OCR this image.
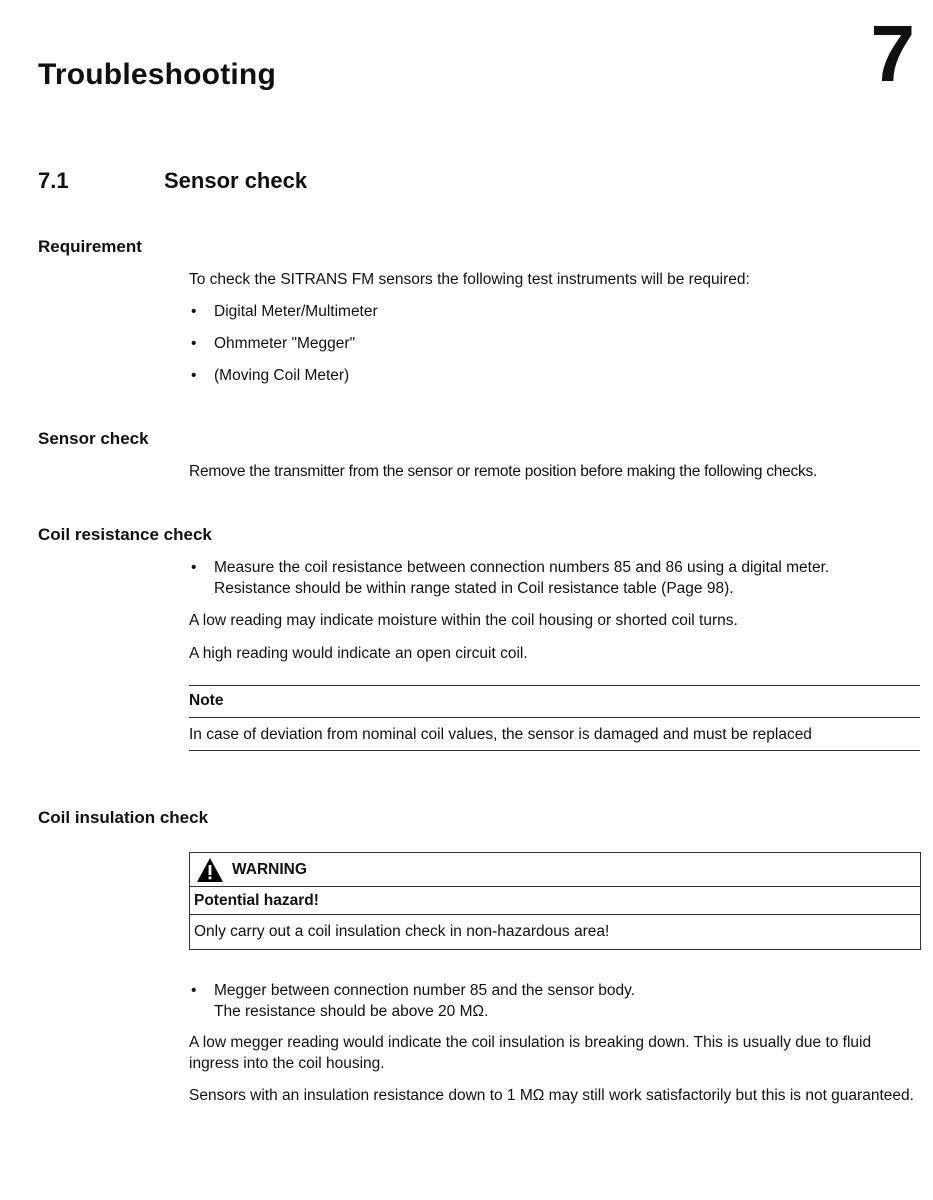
Troubleshooting	7
7.1	Sensor check
Requirement
To check the SITRANS FM sensors the following test instruments will be required:
• Digital Meter/Multimeter
• Ohmmeter "Megger"
• (Moving Coil Meter)
Sensor check
Remove the transmitter from the sensor or remote position before making the following checks.
Coil resistance check
• Measure the coil resistance between connection numbers 85 and 86 using a digital meter.
Resistance should be within range stated in Coil resistance table (Page 98).
A low reading may indicate moisture within the coil housing or shorted coil turns.
A high reading would indicate an open circuit coil.
Note
In case of deviation from nominal coil values, the sensor is damaged and must be replaced
Coil insulation check
WARNING
Potential hazard!
Only carry out a coil insulation check in non-hazardous area!
• Megger between connection number 85 and the sensor body.
The resistance should be above 20 MΩ.
A low megger reading would indicate the coil insulation is breaking down. This is usually due to fluid ingress into the coil housing.
Sensors with an insulation resistance down to 1 MΩ may still work satisfactorily but this is not guaranteed.
